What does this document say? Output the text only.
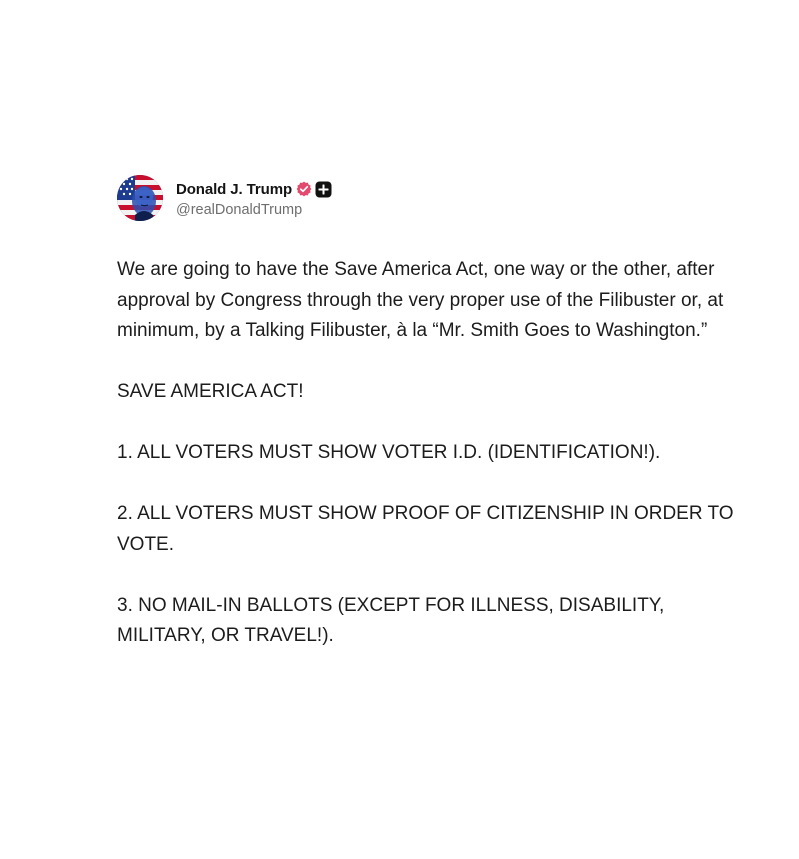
Donald J. Trump
@realDonaldTrump

We are going to have the Save America Act, one way or the other, after approval by Congress through the very proper use of the Filibuster or, at minimum, by a Talking Filibuster, à la “Mr. Smith Goes to Washington.”

SAVE AMERICA ACT!

1. ALL VOTERS MUST SHOW VOTER I.D. (IDENTIFICATION!).

2. ALL VOTERS MUST SHOW PROOF OF CITIZENSHIP IN ORDER TO VOTE.

3. NO MAIL-IN BALLOTS (EXCEPT FOR ILLNESS, DISABILITY, MILITARY, OR TRAVEL!).
